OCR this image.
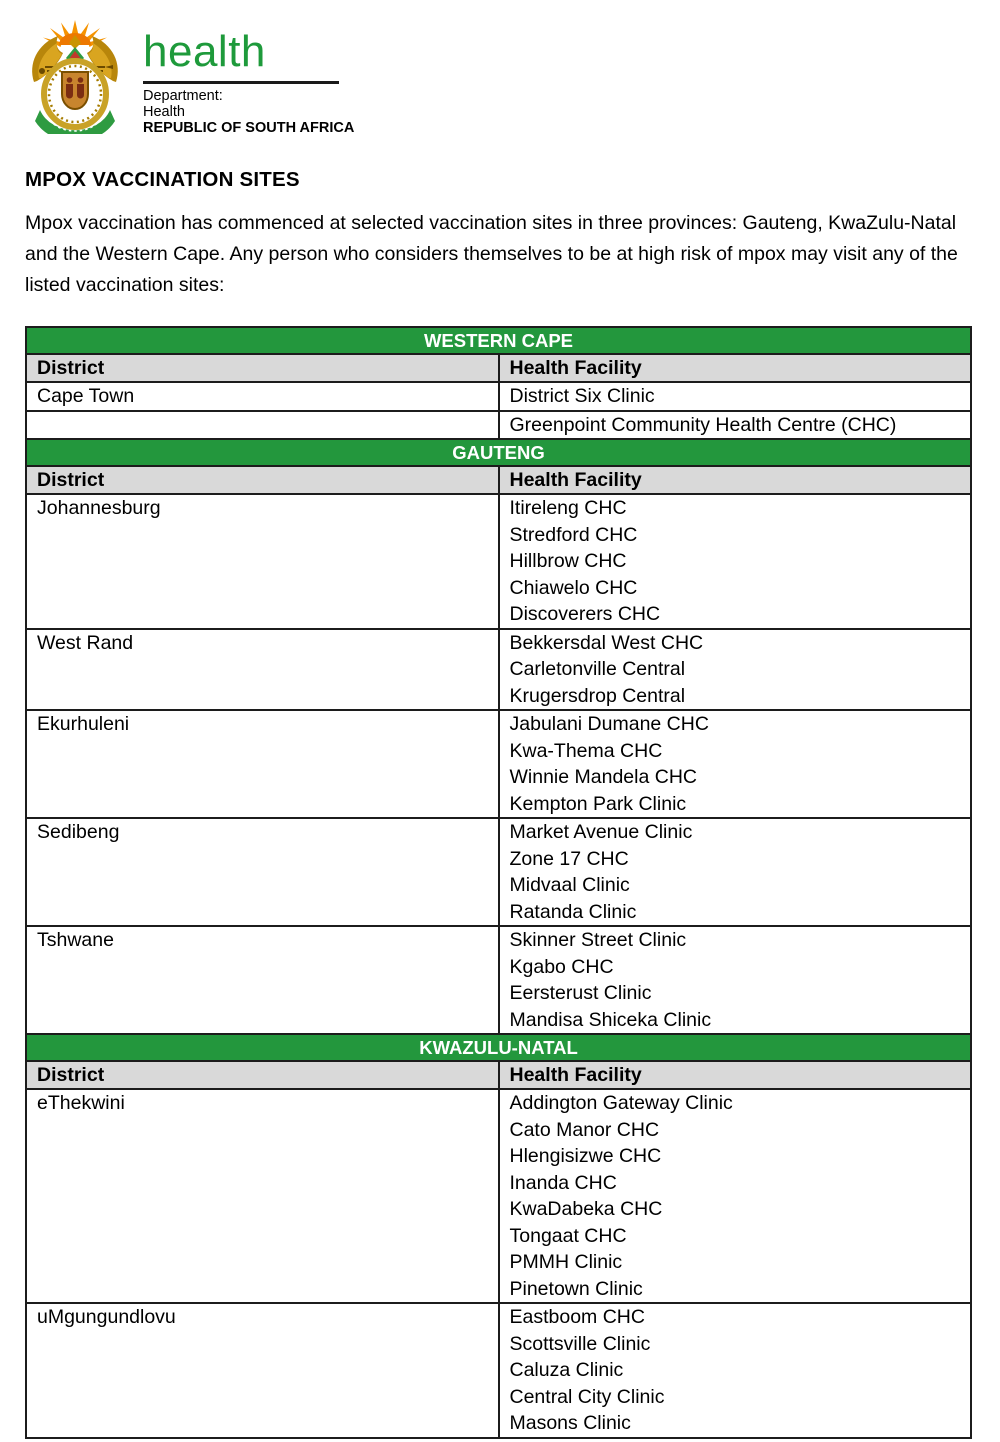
health
Department:
Health
REPUBLIC OF SOUTH AFRICA
MPOX VACCINATION SITES

Mpox vaccination has commenced at selected vaccination sites in three provinces: Gauteng, KwaZulu-Natal and the Western Cape. Any person who considers themselves to be at high risk of mpox may visit any of the listed vaccination sites:

WESTERN CAPE	
District	Health Facility
Cape Town	District Six Clinic

	Greenpoint Community Health Centre (CHC)

GAUTENG	
District	Health Facility
Johannesburg	Itireleng CHC
Stredford CHC
Hillbrow CHC
Chiawelo CHC
Discoverers CHC

West Rand	Bekkersdal West CHC
Carletonville Central
Krugersdrop Central

Ekurhuleni	Jabulani Dumane CHC
Kwa-Thema CHC
Winnie Mandela CHC
Kempton Park Clinic

Sedibeng	Market Avenue Clinic
Zone 17 CHC
Midvaal Clinic
Ratanda Clinic

Tshwane	Skinner Street Clinic
Kgabo CHC
Eersterust Clinic
Mandisa Shiceka Clinic

KWAZULU-NATAL	
District	Health Facility
eThekwini	Addington Gateway Clinic
Cato Manor CHC
Hlengisizwe CHC
Inanda CHC
KwaDabeka CHC
Tongaat CHC
PMMH Clinic
Pinetown Clinic

uMgungundlovu	Eastboom CHC
Scottsville Clinic
Caluza Clinic
Central City Clinic
Masons Clinic
